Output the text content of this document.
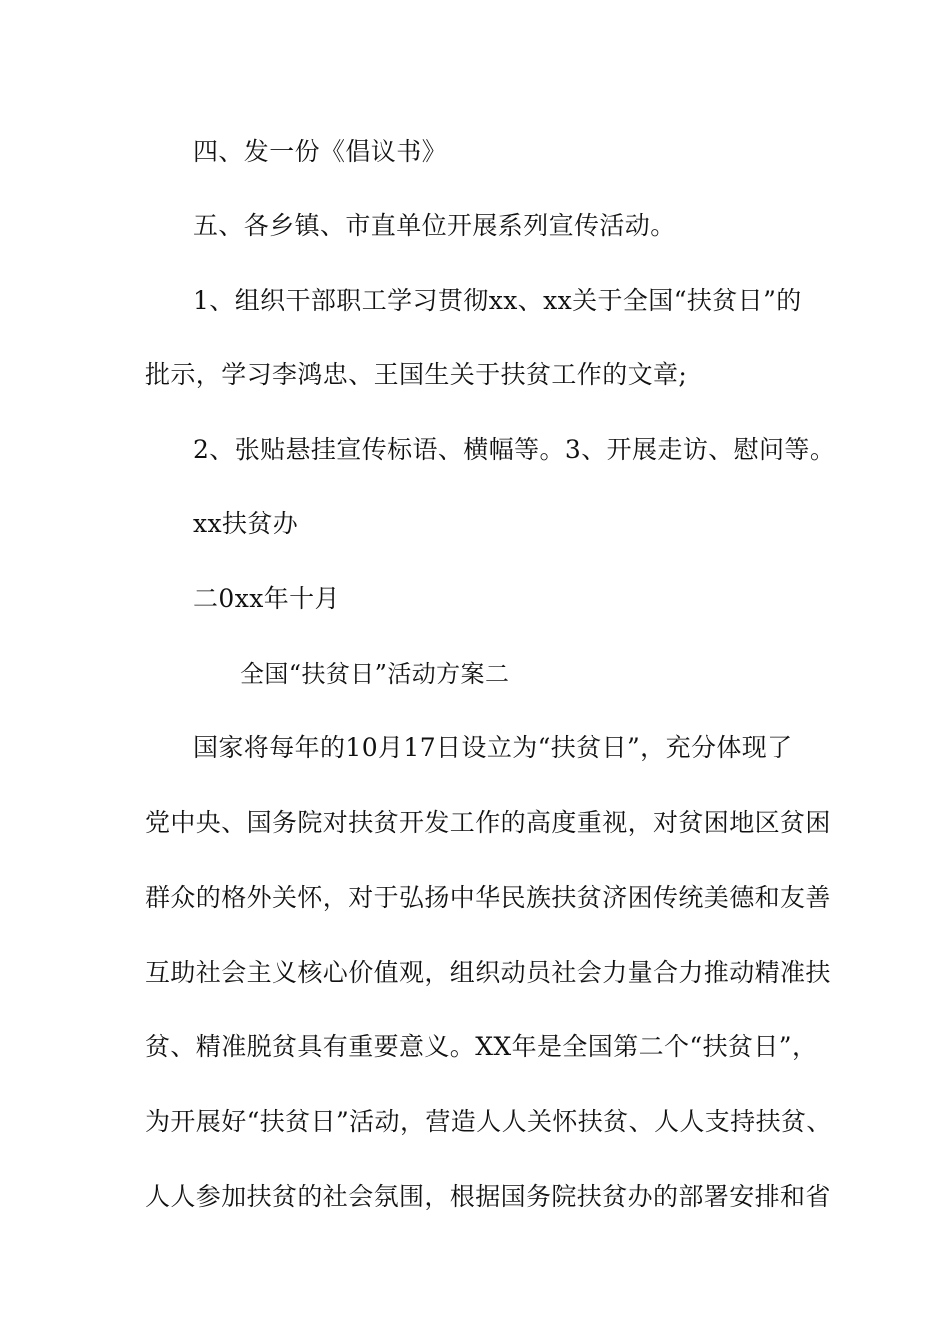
四、发一份《倡议书》
五、各乡镇、市直单位开展系列宣传活动。
1、组织干部职工学习贯彻xx、xx关于全国“扶贫日”的
批示，学习李鸿忠、王国生关于扶贫工作的文章;
2、张贴悬挂宣传标语、横幅等。3、开展走访、慰问等。
xx扶贫办
二0xx年十月
全国“扶贫日”活动方案二
国家将每年的10月17日设立为“扶贫日”，充分体现了
党中央、国务院对扶贫开发工作的高度重视，对贫困地区贫困
群众的格外关怀，对于弘扬中华民族扶贫济困传统美德和友善
互助社会主义核心价值观，组织动员社会力量合力推动精准扶
贫、精准脱贫具有重要意义。XX年是全国第二个“扶贫日”，
为开展好“扶贫日”活动，营造人人关怀扶贫、人人支持扶贫、
人人参加扶贫的社会氛围，根据国务院扶贫办的部署安排和省
